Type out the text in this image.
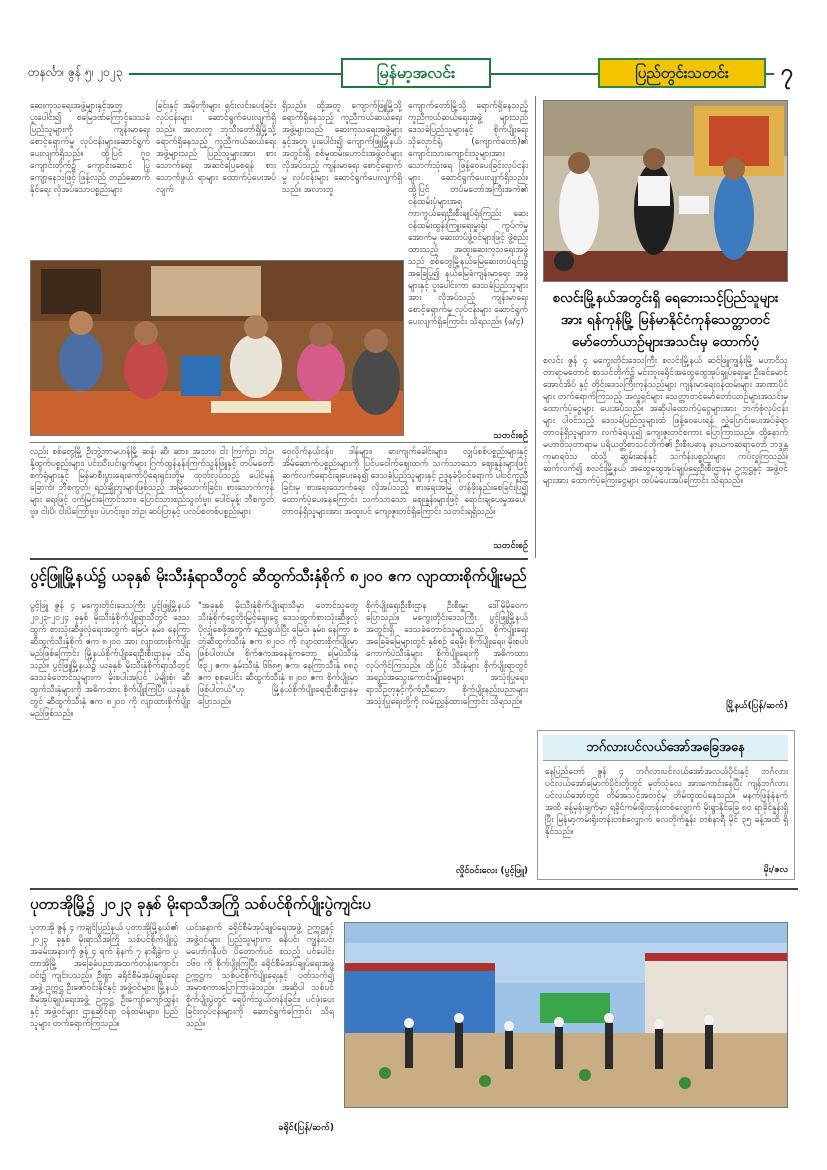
တနင်္လာ၊ ဇွန် ၅၊ ၂၀၂၃	မြန်မာ့အလင်း	ပြည်တွင်းသတင်း	၇
ဆေးကုသရေးအဖွဲ့များနှင့်အတူ ပူးပေါင်း၍ စမြေဒဏ်ကြောင့်ဒေသခံပြည်သူများကို ကျန်းမာရေးစောင့်ရှောက်မှု လုပ်ငန်းများဆောင်ရွက်ပေးလျက်ရှိသည်။ ထို့ပြင် ဂူဝကျောင်းတိုက်၌ ကျောင်းဆောင် ပြုကျော့နေသဖြင့် ဖြန့်လည် တည်ဆောက်နိုင်ရေး လိုအပ်သောပစ္စည်းများ
ခြင်းနှင့် အမိုးကိုးများ ရှင်းလင်းပေးခြင်းလုပ်ငန်းများ ဆောင်ရွက်ပေးလျက်ရှိသည်။ အလားတူ ဘုသီးတော်ရှိမြို့သို့ ရောက်ရှိနေသည့် ကူညီကယ်ဆယ်ရေး အဖွဲ့များသည် ပြည်သူများအား စားသောက်ရေး အဆင်ပြေစေရန် စားသောက်ဖွယ် ရာများ ထောက်ပံ့ပေးအပ်လျက်
ရှိသည်။ ထို့အတူ ကျောက်ဖြူမြို့သို့ ရောက်ရှိနေသည့် ကူညီကယ်ဆယ်ရေး အဖွဲ့များသည် ဆေးကုသရေးအဖွဲ့များနှင့်အတူ ပူးပေါင်း၍ ကျောက်ဖြူမြို့နယ်အတွင်းရှိ စစ်မှုထမ်းဟောင်းအဖွဲ့ဝင်များ လိုအပ်သည့် ကျန်းမာရေး စောင့်ရှောက်မှု လုပ်ငန်းများ ဆောင်ရွက်ပေးလျက်ရှိသည်။ အလားတူ
ကျောက်တော်မြို့သို့ ရောက်ရှိနေသည့် ကူညီကယ်ဆယ်ရေးအဖွဲ့ များသည် ဒေသခံပြည်သူများနှင့် စိုက်ပျိုးရေးသိုလှောင်ရုံ (ကျောက်တော်)၏ ကျောင်းသားကျောင်းသူများအား သောက်သုံးရေ ဖြန့်ဝေပေးခြင်းလုပ်ငန်းများ ဆောင်ရွက်ပေးလျက်ရှိသည်။ ထို့ပြင် တပ်မတော်အကြီးအကဲ၏ ဝန်ထမ်းပုံများအရ ကာကွယ်ရေးဦးစီးချုပ်ရုံးကြည်း ဆေးဝန်ထမ်းထွန်းကြူးရေးမှူးရုံး ကွပ်ကဲမှုအောက်မှ ဆေးတပ်ဖွဲ့ဝင်များဖြင့် ဖွဲ့စည်းထားသည့် အထူးဆေးကုသရေးအဖွဲ့သည် စစ်တွေမြို့နယ်မြေဆေးတပ်ရင်း၌ အခြေပြု၍ နယ်မြေခံကျန်းမာရေး အဖွဲ့များနှင့် ပူးပေါင်းကာ ဒေသခံပြည်သူများအား လိုအပ်သည့် ကျန်းမာရေးစောင့်ရှောက်မှု လုပ်ငန်းများ ဆောင်ရွက်ပေးလျက်ရှိကြောင်း သိရသည်။ (ဖ/၄)
သတင်းစဉ်
လည်း စစ်တွေမြို့ ဦးဘွဲ့ဘာမဟန်မြို့ ဆန်၊ ဆီ၊ ဆား၊ အသား၊ ငါး ကြက်ဥ၊ ဘဲဥ၊ နို့ထွက်ပစ္စည်းများ၊ ပင်းသီးပင်းရွက်များ ဂြက်ထွန်နန်းကြက်သွန်ဖြူနှင့် တပ်မတော်စက်ရုံများနှင့် မြန်မာစီးပွားရေးကော်ပိုရေးရှင်းတို့မှ ထုတ်လုပ်သည့် ပေါင်မုန့်ခြောက်၊ ဘီစကွတ်၊ ရည်ချိုဘူးများဖြစ်သည့် အမြဲသောက်ခြင်း၊ စားသောက်ကုန်များ ရေးဖြင့် ဝက်မြင်းကြောင်သား၊ ပြောင်သားစည်သွတ်ဗူး၊ ပေါင်မုန့်၊ ဘီစကွတ်ဗူး၊ ငါးပိ၊ ငါးပိကြော်ဗူး၊ ပဲဟင်းဗူး၊ ဘဲဥ၊ ဆပ်ပြာနှင့် ပလပ်စတစ်ပစ္စည်းများ
ဝှေလိုက်နယ်ငန်း၊ ဒါန်များ၊ ဓားကျက်ခေါင်းများ၊ လျှပ်စစ်ပစ္စည်းများနှင့် အိမ်ဆောက်ပစ္စည်းများကို ပြင်ပဝေါက်ဈေးထက် သက်သာသော ဈေးနှုန်းများဖြင့် ဆက်လက်ရောင်းချပေးနေ၍ ဒေသခံပြည်သူများနှင့် ဥဒ္ဒနခံပိုဝင်ရောက် ပါဝင်ကူညီခြင်းမှ စားရေးသောက်ရေး လိုအပ်သည့် စားရေးအမြဲ တန်ဖိုးနည်းစေခြင်းပြ၍ ထောက်ပံ့ပေးနေကြောင်း သက်သာသော ဈေးနှုန်းများဖြင့် ရောင်းချပေးမှုအပေါ် တာဝန်ရှိသူများအား အထူးပင် ကျေးဇူးတင်ရှိကြောင်း သတင်းရရှိသည်။
သတင်းစဉ်
စလင်းမြို့နယ်အတွင်းရှိ ရေဘေးသင့်ပြည်သူများအား ရန်ကုန်မြို့ မြန်မာနိုင်ငံကုန်သေတ္တာတင်မော်တော်ယာဉ်များအသင်းမှ ထောက်ပံ့
စလင်း ဇွန် ၄ မကွေးတိုင်းဒေသကြီး စလင်းမြို့နယ် ဆင်ဖြူကျွန်းမြို့ မဟာဝိသုတာရာမတောင် စာသင်တိုက်၌ မင်းဘူးခရိုင်အထွေထွေအုပ်ချုပ်ရေးမှူး ဦးခင်မောင်အောင်အိပ် နှင့် တိုင်းဒေသကြီးကုန်သည်များ ကျန်းမာရေးဝန်ထမ်းများ အာဏာပိုင်များ တက်ရောက်ကြသည့် အလှူရှင်များ သေတ္တာတင်မော်တော်ယာဉ်များအသင်းမှ ထောက်ပံ့ငွေများ ပေးအပ်သည်။ အဆိုပါထောက်ပံ့ငွေများအား ဘက်စုံလုပ်ငန်းများ ပါဝင်သည့် ဒေသခံပြည်သူများထံ ဖြန့်ဝေပေးရန် လွှဲပြောင်းပေးအပ်ခဲ့ရာ တာဝန်ရှိသူများက လက်ခံရယူ၍ ကျေးဇူးတင်စကား ပြောကြားသည်။ ထို့နောက် မဟာဝိသုတာရာမ ပရိယတ္တိစာသင်တိုက်၏ ဦးစီးပဓာန နာယကဆရာတော် ဘဒ္ဒန္တ ကုမာရဝံသ ထံသို့ ဆွမ်းဆန်နှင့် သင်္ကန်းပစ္စည်းများ ကပ်လှူကြသည်။ ဆက်လက်၍ စလင်းမြို့နယ် အထွေထွေအုပ်ချုပ်ရေးဦးစီးဌာနမှ ဥက္ကဋ္ဌနှင့် အဖွဲ့ဝင်များအား ထောက်ပံ့ကြေးငွေများ ထပ်မံပေးအပ်ကြောင်း သိရသည်။
မြို့နယ်(ပြန်/ဆက်)
ပွင့်ဖြူမြို့နယ်၌ ယခုနှစ် မိုးသီးနှံရာသီတွင် ဆီထွက်သီးနှံစိုက် ၈၂၀၀ ဧက လျာထားစိုက်ပျိုးမည်
ပွင့်ဖြူ ဇွန် ၄ မကွေးတိုင်းဒေသကြီး ပွင့်ဖြူမြို့နယ် ၂၀၂၃-၂၀၂၄ ခုနှစ် မိုးသီးနှံစိုက်ပျိုးရာသီတွင် ဒေသထွက် စားသုံးဆီဖူလုံရေးအတွက် မြေပဲ၊ နှမ်း၊ နေကြာ ဆီထွက်သီးနှံစိုက် ဧက ၈၂၀၀ အား လျာထားစိုက်ပျိုးမည်ဖြစ်ကြောင်း မြို့နယ်စိုက်ပျိုးရေးဦးစီးဌာနမှ သိရသည်။ ပွင့်ဖြူမြို့နယ်၌ ယခုနှစ် မိုးသီးနှံစိုက်ရာသီတွင် ဒေသခံတောင်သူများက မိုးစပါးအပြင် ပဲမျိုးစုံ၊ ဆီထွက်သီးနှံများကို အဓိကထား စိုက်ပျိုးကြပြီး ယခုနှစ်တွင် ဆီထွက်သီးနှံ ဧက ၈၂၀၀ ကို လျာထားစိုက်ပျိုးမည်ဖြစ်သည်။
"အခုနှစ် မိုးသီးနှံစိုက်ပျိုးရာသီမှာ တောင်သူတွေ သီးနှံစိုက်ငွေတိုးမြင့်ချေးငွေ ဒေသထွက်စားသုံးဆီဖူလုံ ပိုလျှံစေဖို့အတွက် ရည်ရွယ်ပြီး မြေပဲ၊ နှမ်း၊ နေကြာ စတဲ့ဆီထွက်သီးနှံ ဧက ၈၂၀၀ ကို လျာထားစိုက်ပျိုးမှာဖြစ်ပါတယ်။ စိုက်ဧကအနေနဲ့ကတော့ မြေပဲသီးနှံ ၆၃၂ ဧက၊ နှမ်းသီးနှံ ၆၆၈၅ ဧက၊ နေကြာသီးနှံ ၈၈၃ ဧက စုစုပေါင်း ဆီထွက်သီးနှံ ၈၂၀၀ ဧက စိုက်ပျိုးမှာဖြစ်ပါတယ်"ဟု မြို့နယ်စိုက်ပျိုးရေးဦးစီးဌာနမှ ပြောသည်။
စိုက်ပျိုးရေးဦးစီးဌာန ဦးစီးမှူး ဒေါ်မိုမိုဝေက ပြောသည်။ မကွေးတိုင်းဒေသကြီး ပွင့်ဖြူမြို့နယ်အတွင်းရှိ ဒေသခံတောင်သူများသည် စိုက်ပျိုးရေး အခြေခံမြေများတွင် နှစ်စဉ် ရေမှီး စိုက်ပျိုးရေး၊ မိုးစပါး ကောက်ပဲသီးနှံများ စိုက်ပျိုးရေးကို အဓိကထား လုပ်ကိုင်ကြသည်။ ထို့ပြင် သီးနှံများ စိုက်ပျိုးရာတွင် အရည်အသွေးကောင်းမျိုးစေ့များ အသုံးပြုရေး၊ ရာသီဥတုနှင့်ကိုက်ညီသော စိုက်ပျိုးနည်းပညာများ အသုံးပြုရေးတို့ကို လမ်းညွှန်ထားကြောင်း သိရသည်။
လှိုင်ဝင်းလေး (ပွင့်ဖြူ)
ဘဂ်လားပင်လယ်အော်အခြေအနေ
နေပြည်တော် ဇွန် ၄ ဘင်္ဂလားပင်လယ်အော်အလယ်ပိုင်းနှင့် ဘင်္ဂလားပင်လယ်အော်မြောက်ပိုင်းတို့တွင် မုတ်သုံလေ အားကောင်းနေပြီး ကျန်ဘင်္ဂလားပင်လယ်အော်တွင် တိမ်အသင့်အတင့်မှ တိမ်ထူထပ်နေသည်။ မနက်ဖြန်နံနက်အထိ ခန့်မှန်းချက်မှာ ရခိုင်ကမ်းရိုးတန်းတစ်လျှောက် မိုးရွာနိုင်ခြေ ၈၀ ရာခိုင်နှုန်းရှိပြီး မြန်မာ့ကမ်းရိုးတန်းတစ်လျှောက် လေတိုက်နှုန်း တစ်နာရီ မိုင် ၃၅ ခန့်အထိ ရှိနိုင်သည်။
မိုး/ဇလ
ပုတာအိုမြို့၌ ၂၀၂၃ ခုနှစ် မိုးရာသီအကြို သစ်ပင်စိုက်ပျိုးပွဲကျင်းပ
ပုတာအို ဇွန် ၄ ကချင်ပြည်နယ် ပုတာအိုမြို့နယ်၏ ၂၀၂၃ ခုနှစ် မိုးရာသီအကြို သစ်ပင်စိုက်ပျိုးပွဲအခမ်းအနားကို ဇွန် ၄ ရက် နံနက် ၇ နာရီခွဲက ပုတာအိုမြို့ အခြေခံပညာအထက်တန်းကျောင်းဝင်း၌ ကျင်းပသည်။ ဦးစွာ ခရိုင်စီမံအုပ်ချုပ်ရေးအဖွဲ့ ဥက္ကဋ္ဌ ဦးဇော်ဝင်းနိုင်နှင့် အဖွဲ့ဝင်များ၊ မြို့နယ်စီမံအုပ်ချုပ်ရေးအဖွဲ့ ဥက္ကဋ္ဌ ဦးကျော်ကျော်ထွန်းနှင့် အဖွဲ့ဝင်များ ဌာနဆိုင်ရာ ဝန်ထမ်းများ၊ ပြည်သူများ တက်ရောက်ကြသည်။
ယင်းနောက် ခရိုင်စီမံအုပ်ချုပ်ရေးအဖွဲ့ ဥက္ကဋ္ဌနှင့် အဖွဲ့ဝင်များ ပြည်သူများက ဓနိပင်၊ ကျွန်းပင်၊ မဟော်ဂနီပင်၊ ပိတောက်ပင် စသည့် ပင်ပေါင်း ၁၆၀ ကို စိုက်ပျိုးကြပြီး ခရိုင်စီမံအုပ်ချုပ်ရေးအဖွဲ့ ဥက္ကဋ္ဌက သစ်ပင်စိုက်ပျိုးရေးနှင့် ပတ်သက်၍ အမှာစကားပြောကြားခဲ့သည်။ အဆိုပါ သစ်ပင်စိုက်ပျိုးပွဲတွင် ရေပိုက်သွယ်တန်းခြင်း၊ ပင်ဖုံးပေးခြင်းလုပ်ငန်းများကို ဆောင်ရွက်ကြောင်း သိရသည်။
ခရိုင်(ပြန်/ဆက်)
